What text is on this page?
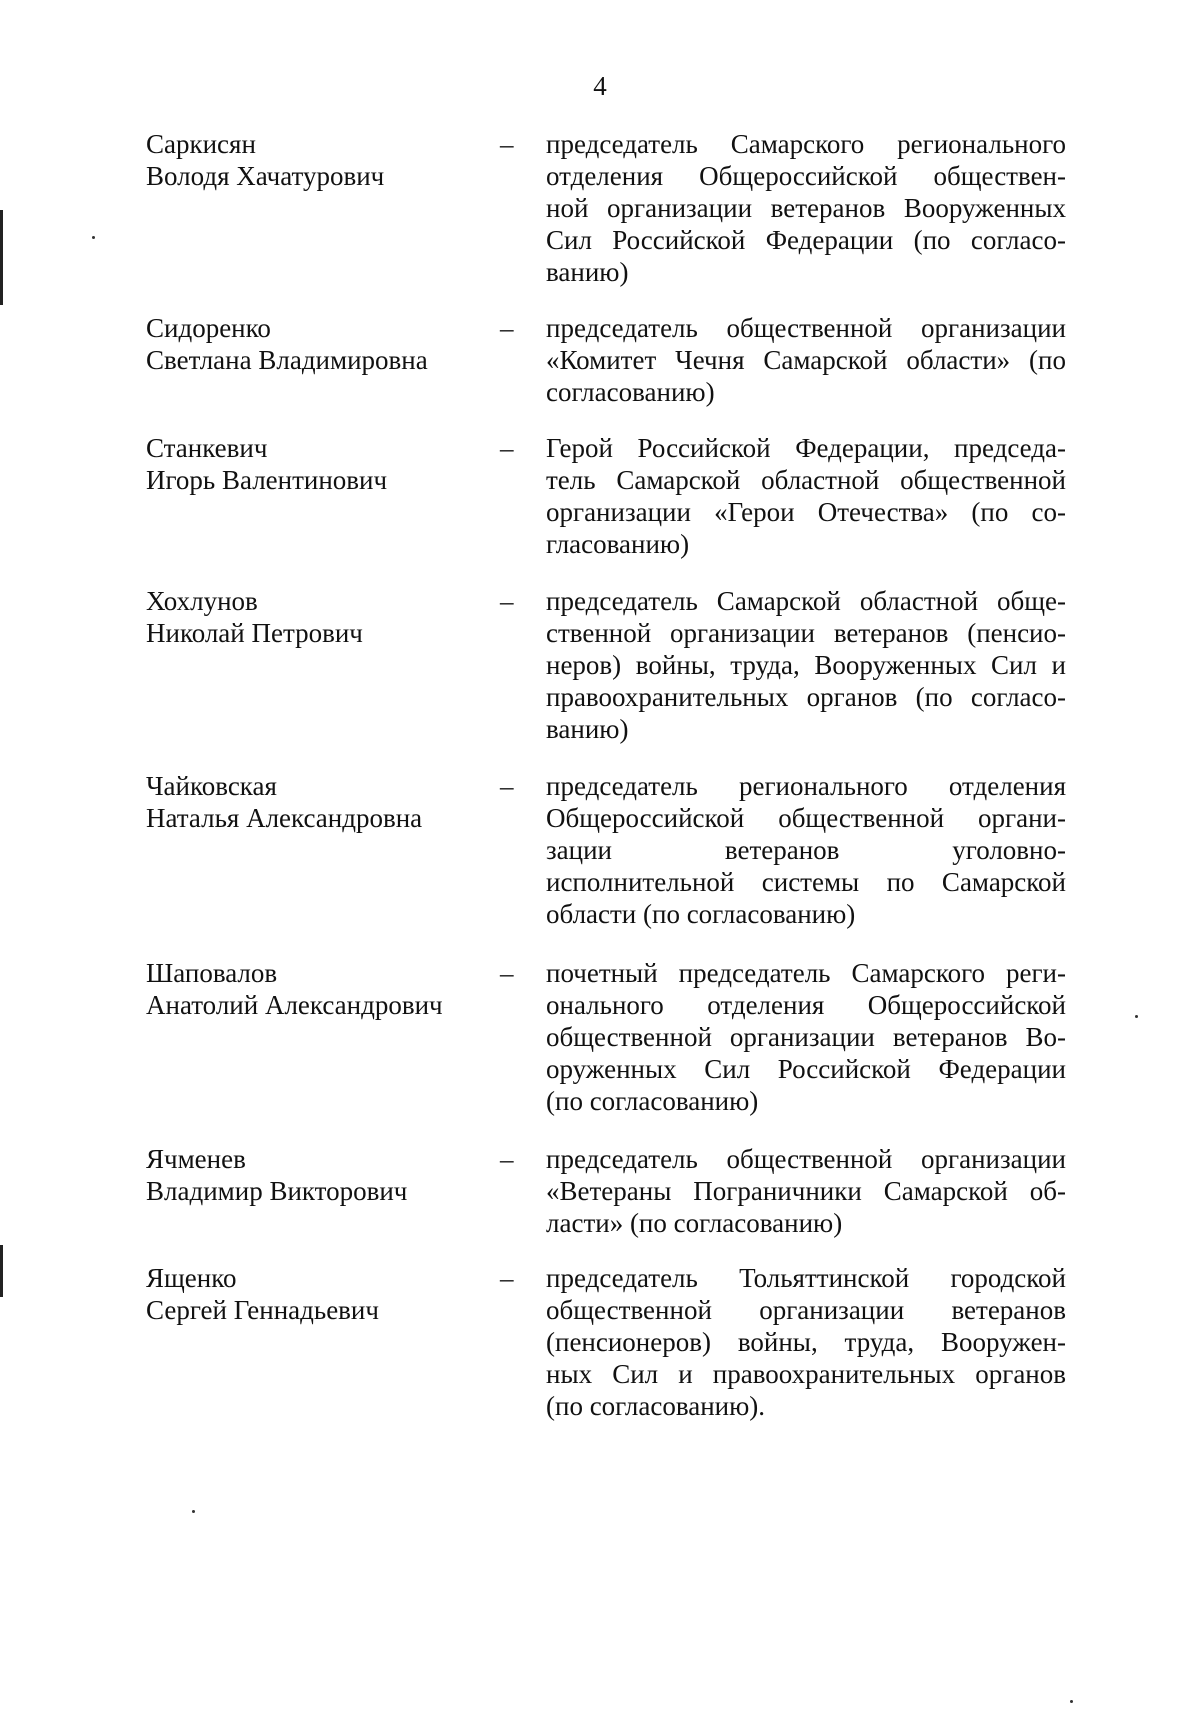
4
Саркисян
Володя Хачатурович
– председатель Самарского регионального
отделения Общероссийской обществен-
ной организации ветеранов Вооруженных
Сил Российской Федерации (по согласо-
ванию)
Сидоренко
Светлана Владимировна
– председатель общественной организации
«Комитет Чечня Самарской области» (по
согласованию)
Станкевич
Игорь Валентинович
– Герой Российской Федерации, председа-
тель Самарской областной общественной
организации «Герои Отечества» (по со-
гласованию)
Хохлунов
Николай Петрович
– председатель Самарской областной обще-
ственной организации ветеранов (пенсио-
неров) войны, труда, Вооруженных Сил и
правоохранительных органов (по согласо-
ванию)
Чайковская
Наталья Александровна
– председатель регионального отделения
Общероссийской общественной органи-
зации ветеранов уголовно-
исполнительной системы по Самарской
области (по согласованию)
Шаповалов
Анатолий Александрович
– почетный председатель Самарского реги-
онального отделения Общероссийской
общественной организации ветеранов Во-
оруженных Сил Российской Федерации
(по согласованию)
Ячменев
Владимир Викторович
– председатель общественной организации
«Ветераны Пограничники Самарской об-
ласти» (по согласованию)
Ященко
Сергей Геннадьевич
– председатель Тольяттинской городской
общественной организации ветеранов
(пенсионеров) войны, труда, Вооружен-
ных Сил и правоохранительных органов
(по согласованию).
